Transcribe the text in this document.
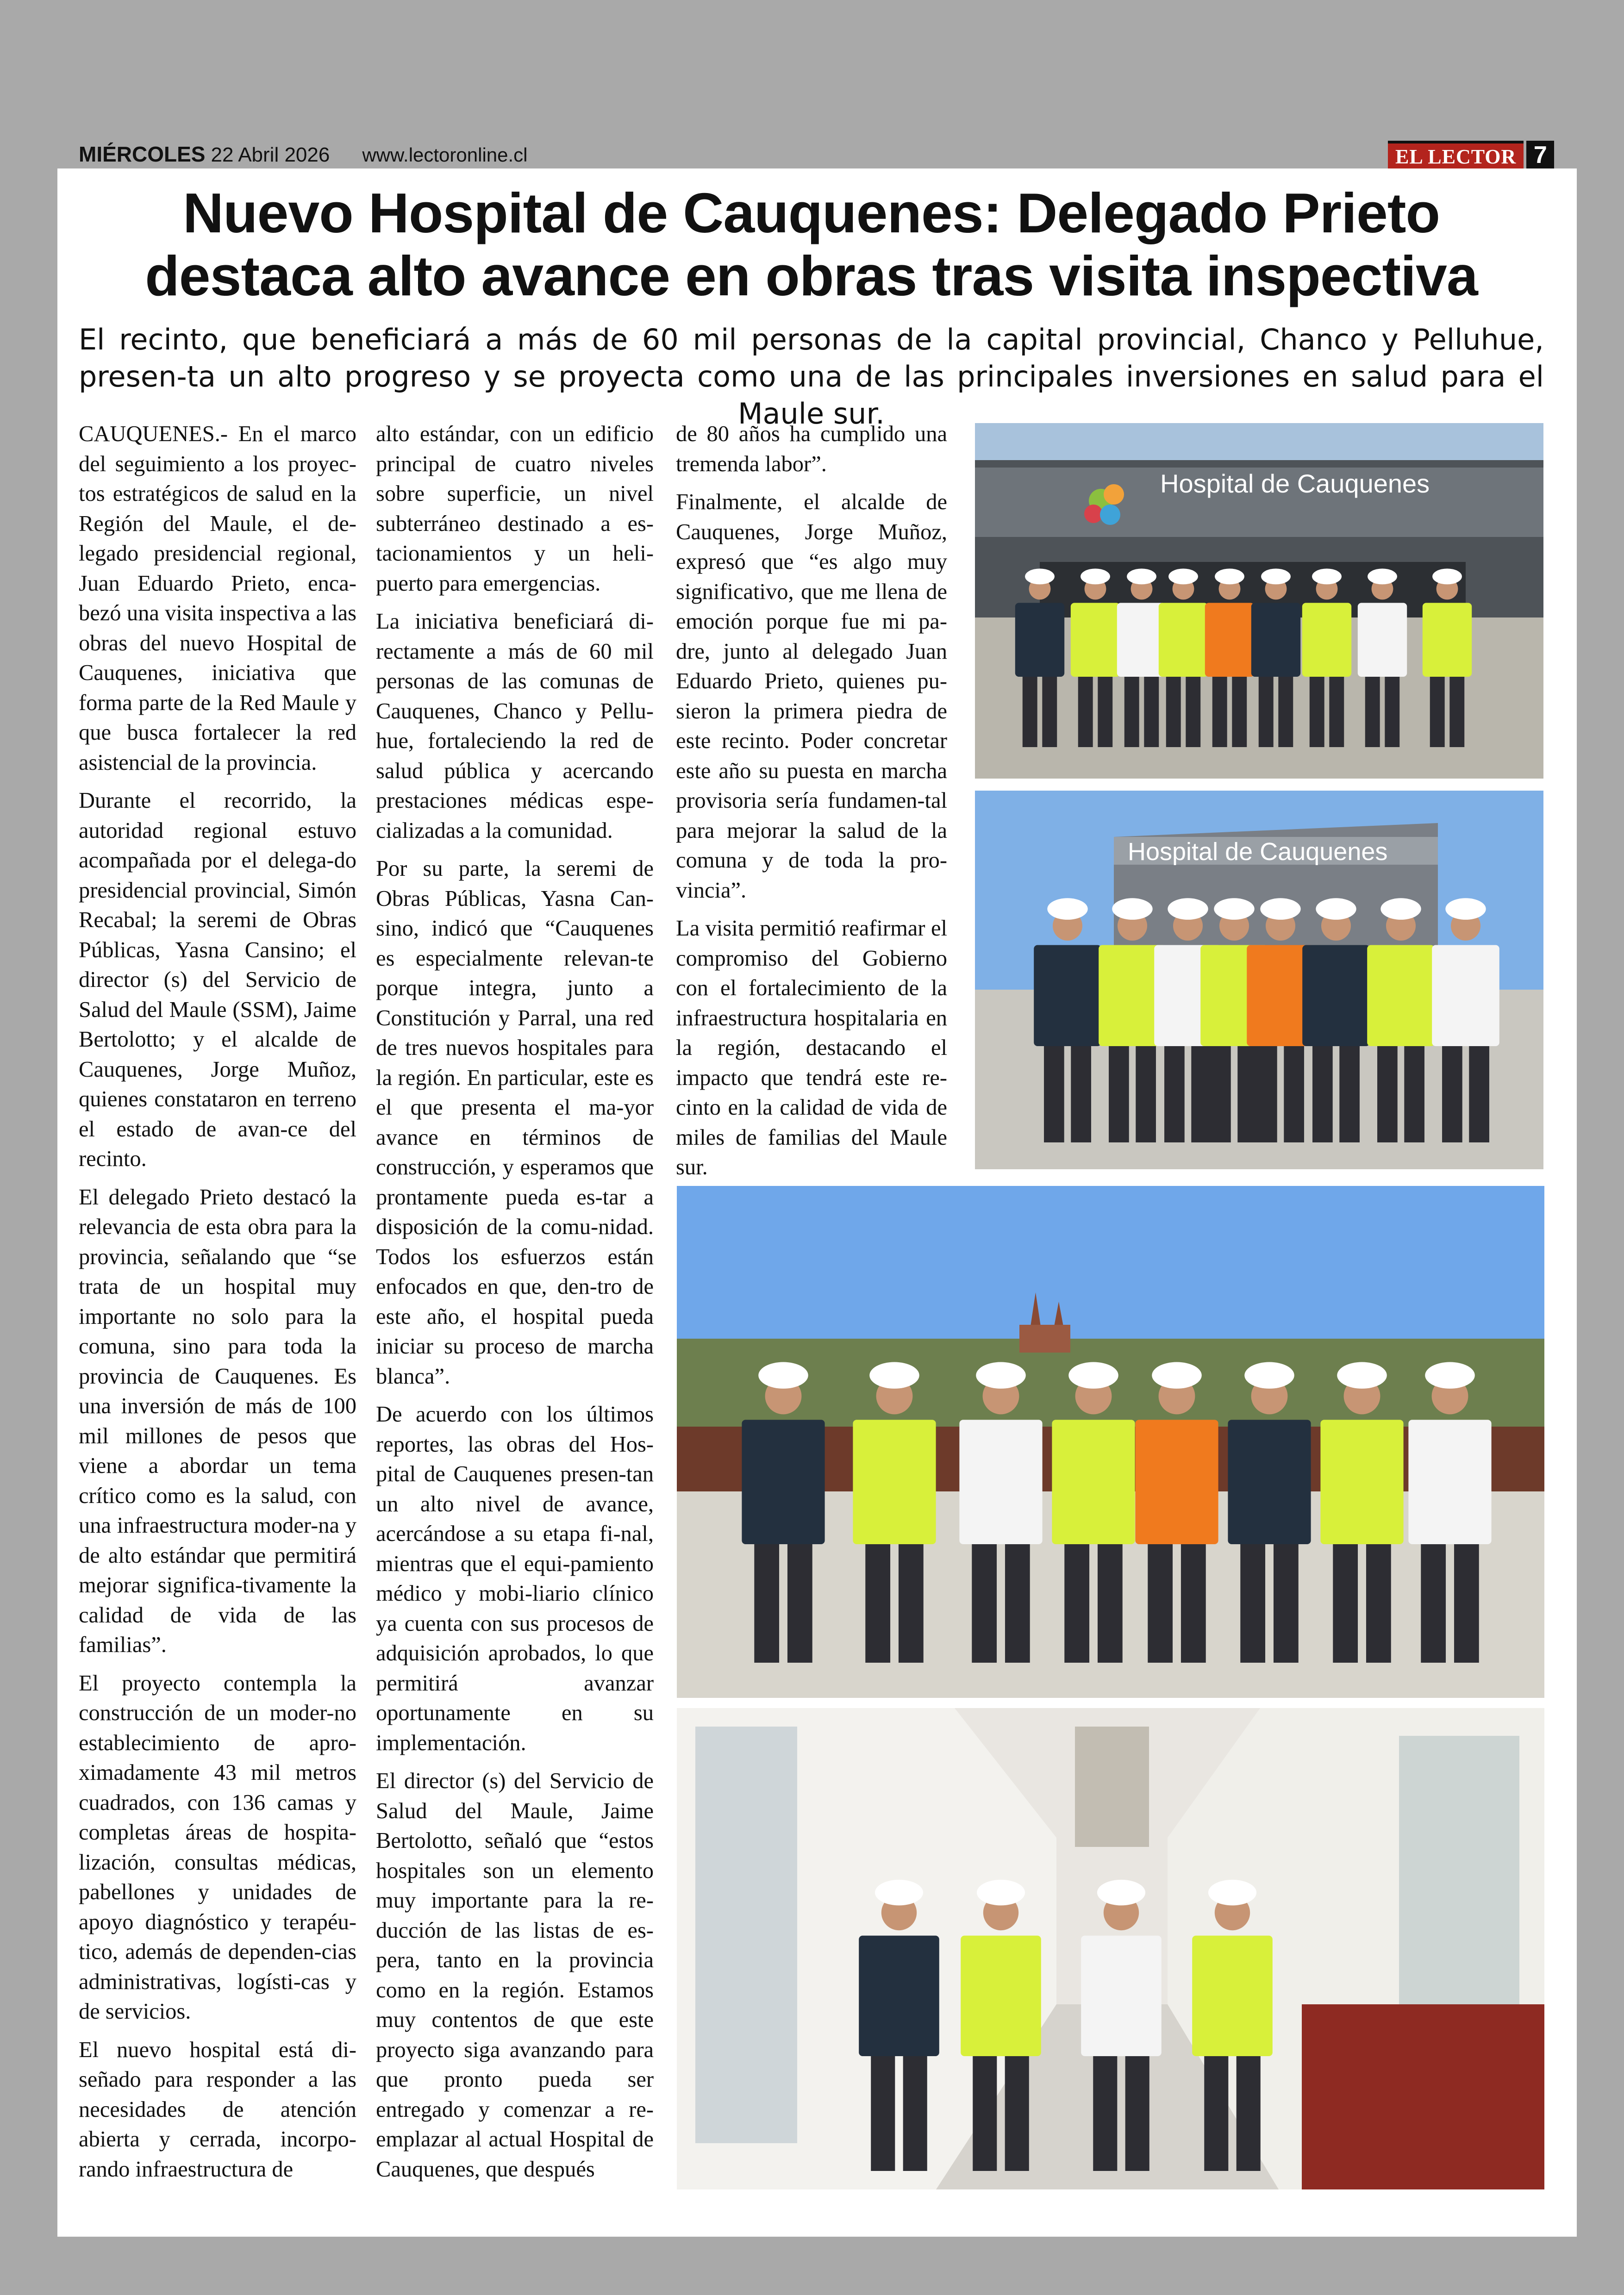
MIÉRCOLES 22 Abril 2026 www.lectoronline.cl	EL LECTOR 7
Nuevo Hospital de Cauquenes: Delegado Prieto destaca alto avance en obras tras visita inspectiva

El recinto, que beneficiará a más de 60 mil personas de la capital provincial, Chanco y Pelluhue, presen-ta un alto progreso y se proyecta como una de las principales inversiones en salud para el Maule sur.

CAUQUENES.- En el marco del seguimiento a los proyec-tos estratégicos de salud en la Región del Maule, el de-legado presidencial regional, Juan Eduardo Prieto, enca-bezó una visita inspectiva a las obras del nuevo Hospital de Cauquenes, iniciativa que forma parte de la Red Maule y que busca fortalecer la red asistencial de la provincia.

Durante el recorrido, la autoridad regional estuvo acompañada por el delega-do presidencial provincial, Simón Recabal; la seremi de Obras Públicas, Yasna Cansino; el director (s) del Servicio de Salud del Maule (SSM), Jaime Bertolotto; y el alcalde de Cauquenes, Jorge Muñoz, quienes constataron en terreno el estado de avan-ce del recinto.

El delegado Prieto destacó la relevancia de esta obra para la provincia, señalando que “se trata de un hospital muy importante no solo para la comuna, sino para toda la provincia de Cauquenes. Es una inversión de más de 100 mil millones de pesos que viene a abordar un tema crítico como es la salud, con una infraestructura moder-na y de alto estándar que permitirá mejorar significa-tivamente la calidad de vida de las familias”.

El proyecto contempla la construcción de un moder-no establecimiento de apro-ximadamente 43 mil metros cuadrados, con 136 camas y completas áreas de hospita-lización, consultas médicas, pabellones y unidades de apoyo diagnóstico y terapéu-tico, además de dependen-cias administrativas, logísti-cas y de servicios.

El nuevo hospital está di-señado para responder a las necesidades de atención abierta y cerrada, incorpo-rando infraestructura de

alto estándar, con un edificio principal de cuatro niveles sobre superficie, un nivel subterráneo destinado a es-tacionamientos y un heli-puerto para emergencias.

La iniciativa beneficiará di-rectamente a más de 60 mil personas de las comunas de Cauquenes, Chanco y Pellu-hue, fortaleciendo la red de salud pública y acercando prestaciones médicas espe-cializadas a la comunidad.

Por su parte, la seremi de Obras Públicas, Yasna Can-sino, indicó que “Cauquenes es especialmente relevan-te porque integra, junto a Constitución y Parral, una red de tres nuevos hospitales para la región. En particular, este es el que presenta el ma-yor avance en términos de construcción, y esperamos que prontamente pueda es-tar a disposición de la comu-nidad. Todos los esfuerzos están enfocados en que, den-tro de este año, el hospital pueda iniciar su proceso de marcha blanca”.

De acuerdo con los últimos reportes, las obras del Hos-pital de Cauquenes presen-tan un alto nivel de avance, acercándose a su etapa fi-nal, mientras que el equi-pamiento médico y mobi-liario clínico ya cuenta con sus procesos de adquisición aprobados, lo que permitirá avanzar oportunamente en su implementación.

El director (s) del Servicio de Salud del Maule, Jaime Bertolotto, señaló que “estos hospitales son un elemento muy importante para la re-ducción de las listas de es-pera, tanto en la provincia como en la región. Estamos muy contentos de que este proyecto siga avanzando para que pronto pueda ser entregado y comenzar a re-emplazar al actual Hospital de Cauquenes, que después

de 80 años ha cumplido una tremenda labor”.

Finalmente, el alcalde de Cauquenes, Jorge Muñoz, expresó que “es algo muy significativo, que me llena de emoción porque fue mi pa-dre, junto al delegado Juan Eduardo Prieto, quienes pu-sieron la primera piedra de este recinto. Poder concretar este año su puesta en marcha provisoria sería fundamen-tal para mejorar la salud de la comuna y de toda la pro-vincia”.

La visita permitió reafirmar el compromiso del Gobierno con el fortalecimiento de la infraestructura hospitalaria en la región, destacando el impacto que tendrá este re-cinto en la calidad de vida de miles de familias del Maule sur.

Hospital de Cauquenes
Hospital de Cauquenes
